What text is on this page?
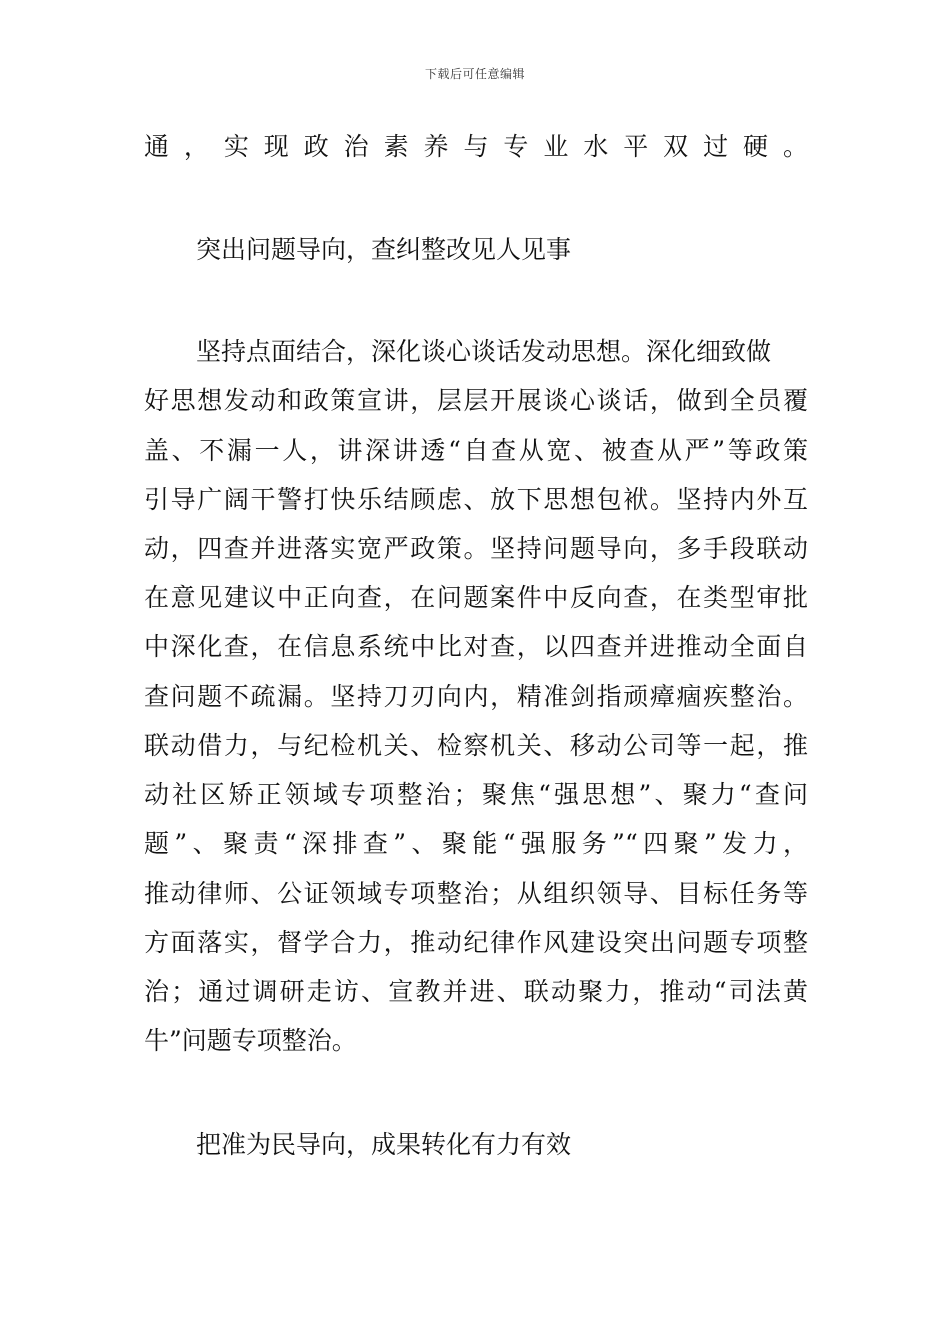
下载后可任意编辑
通，实现政治素养与专业水平双过硬。
突出问题导向，查纠整改见人见事
坚持点面结合，深化谈心谈话发动思想。深化细致做
好思想发动和政策宣讲，层层开展谈心谈话，做到全员覆
盖、不漏一人，讲深讲透“自查从宽、被查从严”等政策
引导广阔干警打快乐结顾虑、放下思想包袱。坚持内外互
动，四查并进落实宽严政策。坚持问题导向，多手段联动
在意见建议中正向查，在问题案件中反向查，在类型审批
中深化查，在信息系统中比对查，以四查并进推动全面自
查问题不疏漏。坚持刀刃向内，精准剑指顽瘴痼疾整治。
联动借力，与纪检机关、检察机关、移动公司等一起，推
动社区矫正领域专项整治；聚焦“强思想”、聚力“查问
题”、聚责“深排查”、聚能“强服务”“四聚”发力，
推动律师、公证领域专项整治；从组织领导、目标任务等
方面落实，督学合力，推动纪律作风建设突出问题专项整
治；通过调研走访、宣教并进、联动聚力，推动“司法黄
牛”问题专项整治。
把准为民导向，成果转化有力有效
